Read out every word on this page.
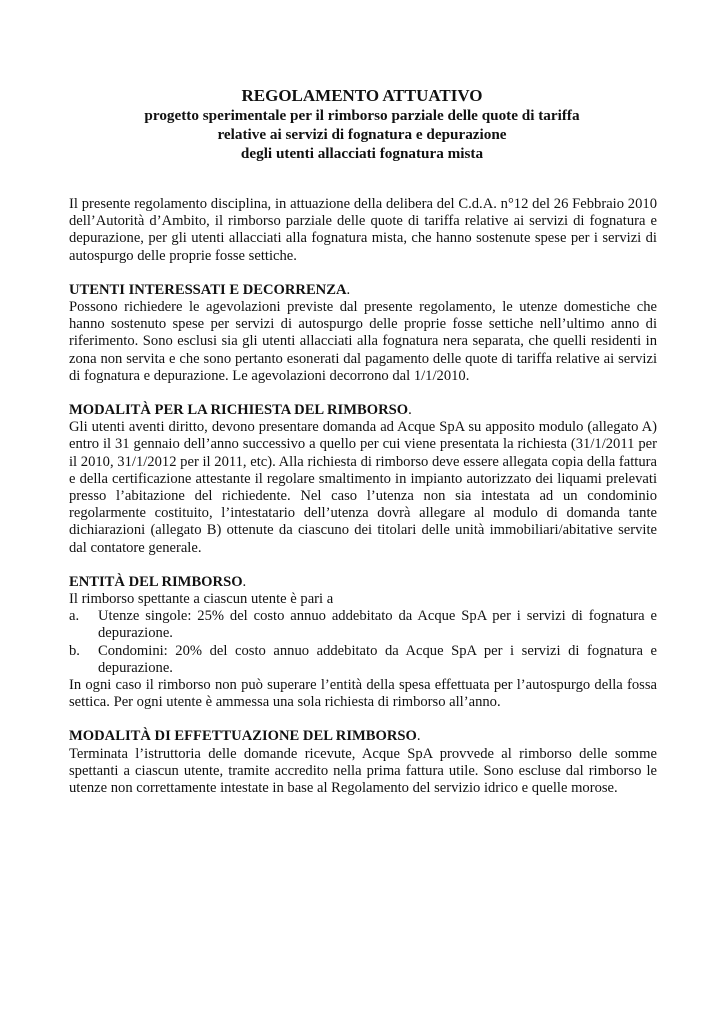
REGOLAMENTO ATTUATIVO
progetto sperimentale per il rimborso parziale delle quote di tariffa
relative ai servizi di fognatura e depurazione
degli utenti allacciati fognatura mista

Il presente regolamento disciplina, in attuazione della delibera del C.d.A. n°12 del 26 Febbraio 2010 dell’Autorità d’Ambito, il rimborso parziale delle quote di tariffa relative ai servizi di fognatura e depurazione, per gli utenti allacciati alla fognatura mista, che hanno sostenute spese per i servizi di autospurgo delle proprie fosse settiche.

UTENTI INTERESSATI E DECORRENZA.

Possono richiedere le agevolazioni previste dal presente regolamento, le utenze domestiche che hanno sostenuto spese per servizi di autospurgo delle proprie fosse settiche nell’ultimo anno di riferimento. Sono esclusi sia gli utenti allacciati alla fognatura nera separata, che quelli residenti in zona non servita e che sono pertanto esonerati dal pagamento delle quote di tariffa relative ai servizi di fognatura e depurazione. Le agevolazioni decorrono dal 1/1/2010.

MODALITÀ PER LA RICHIESTA DEL RIMBORSO.

Gli utenti aventi diritto, devono presentare domanda ad Acque SpA su apposito modulo (allegato A) entro il 31 gennaio dell’anno successivo a quello per cui viene presentata la richiesta (31/1/2011 per il 2010, 31/1/2012 per il 2011, etc). Alla richiesta di rimborso deve essere allegata copia della fattura e della certificazione attestante il regolare smaltimento in impianto autorizzato dei liquami prelevati presso l’abitazione del richiedente. Nel caso l’utenza non sia intestata ad un condominio regolarmente costituito, l’intestatario dell’utenza dovrà allegare al modulo di domanda tante dichiarazioni (allegato B) ottenute da ciascuno dei titolari delle unità immobiliari/abitative servite dal contatore generale.

ENTITÀ DEL RIMBORSO.

Il rimborso spettante a ciascun utente è pari a

a. Utenze singole: 25% del costo annuo addebitato da Acque SpA per i servizi di fognatura e depurazione.
b. Condomini: 20% del costo annuo addebitato da Acque SpA per i servizi di fognatura e depurazione.

In ogni caso il rimborso non può superare l’entità della spesa effettuata per l’autospurgo della fossa settica. Per ogni utente è ammessa una sola richiesta di rimborso all’anno.

MODALITÀ DI EFFETTUAZIONE DEL RIMBORSO.

Terminata l’istruttoria delle domande ricevute, Acque SpA provvede al rimborso delle somme spettanti a ciascun utente, tramite accredito nella prima fattura utile. Sono escluse dal rimborso le utenze non correttamente intestate in base al Regolamento del servizio idrico e quelle morose.
